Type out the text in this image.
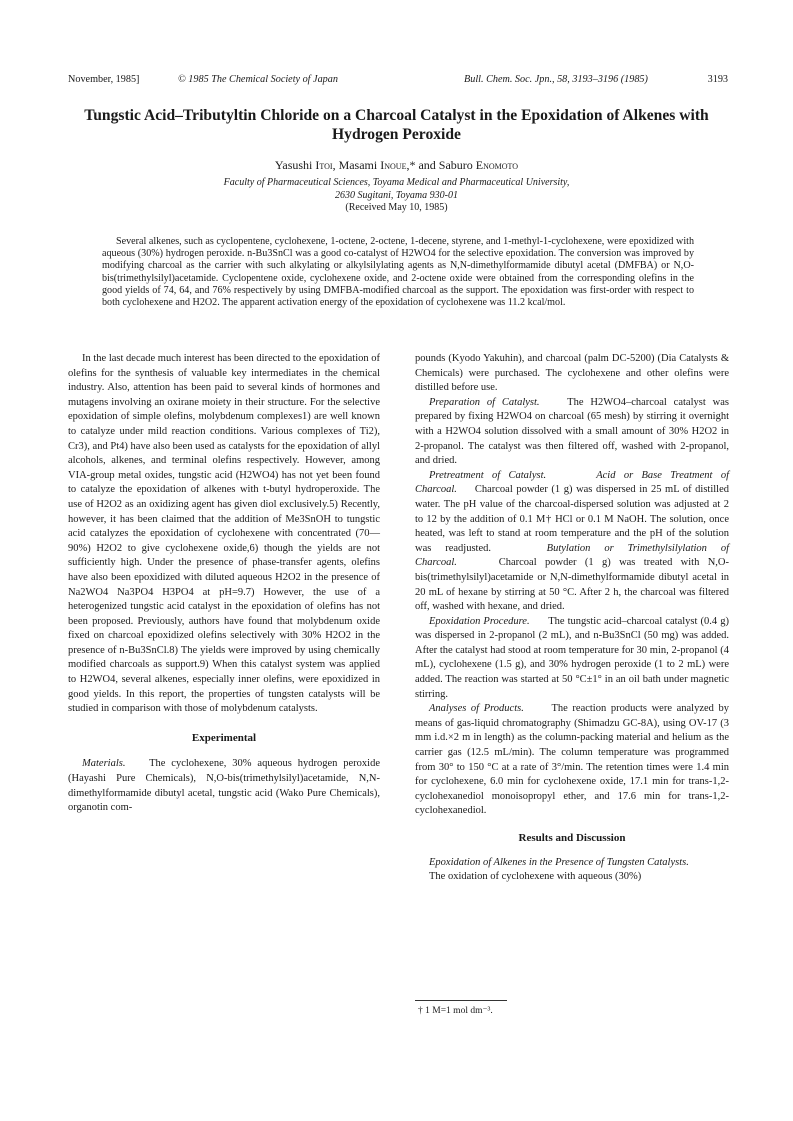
November, 1985]	© 1985 The Chemical Society of Japan	Bull. Chem. Soc. Jpn., 58, 3193–3196 (1985)	3193
Tungstic Acid–Tributyltin Chloride on a Charcoal Catalyst in the Epoxidation of Alkenes with Hydrogen Peroxide
Yasushi Itoi, Masami Inoue,* and Saburo Enomoto
Faculty of Pharmaceutical Sciences, Toyama Medical and Pharmaceutical University,
2630 Sugitani, Toyama 930-01
(Received May 10, 1985)
Several alkenes, such as cyclopentene, cyclohexene, 1-octene, 2-octene, 1-decene, styrene, and 1-methyl-1-cyclohexene, were epoxidized with aqueous (30%) hydrogen peroxide. n-Bu3SnCl was a good co-catalyst of H2WO4 for the selective epoxidation. The conversion was improved by modifying charcoal as the carrier with such alkylating or alkylsilylating agents as N,N-dimethylformamide dibutyl acetal (DMFBA) or N,O-bis(trimethylsilyl)acetamide. Cyclopentene oxide, cyclohexene oxide, and 2-octene oxide were obtained from the corresponding olefins in the good yields of 74, 64, and 76% respectively by using DMFBA-modified charcoal as the support. The epoxidation was first-order with respect to both cyclohexene and H2O2. The apparent activation energy of the epoxidation of cyclohexene was 11.2 kcal/mol.

In the last decade much interest has been directed to the epoxidation of olefins for the synthesis of valuable key intermediates in the chemical industry. Also, attention has been paid to several kinds of hormones and mutagens involving an oxirane moiety in their structure. For the selective epoxidation of simple olefins, molybdenum complexes1) are well known to catalyze under mild reaction conditions. Various complexes of Ti2), Cr3), and Pt4) have also been used as catalysts for the epoxidation of allyl alcohols, alkenes, and terminal olefins respectively. However, among VIA-group metal oxides, tungstic acid (H2WO4) has not yet been found to catalyze the epoxidation of alkenes with t-butyl hydroperoxide. The use of H2O2 as an oxidizing agent has given diol exclusively.5) Recently, however, it has been claimed that the addition of Me3SnOH to tungstic acid catalyzes the epoxidation of cyclohexene with concentrated (70—90%) H2O2 to give cyclohexene oxide,6) though the yields are not sufficiently high. Under the presence of phase-transfer agents, olefins have also been epoxidized with diluted aqueous H2O2 in the presence of Na2WO4 Na3PO4 H3PO4 at pH=9.7) However, the use of a heterogenized tungstic acid catalyst in the epoxidation of olefins has not been proposed. Previously, authors have found that molybdenum oxide fixed on charcoal epoxidized olefins selectively with 30% H2O2 in the presence of n-Bu3SnCl.8) The yields were improved by using chemically modified charcoals as support.9) When this catalyst system was applied to H2WO4, several alkenes, especially inner olefins, were epoxidized in good yields. In this report, the properties of tungsten catalysts will be studied in comparison with those of molybdenum catalysts.

Experimental

Materials. The cyclohexene, 30% aqueous hydrogen peroxide (Hayashi Pure Chemicals), N,O-bis(trimethylsilyl)acetamide, N,N-dimethylformamide dibutyl acetal, tungstic acid (Wako Pure Chemicals), organotin com-

pounds (Kyodo Yakuhin), and charcoal (palm DC-5200) (Dia Catalysts & Chemicals) were purchased. The cyclohexene and other olefins were distilled before use.

Preparation of Catalyst.	The H2WO4–charcoal catalyst was prepared by fixing H2WO4 on charcoal (65 mesh) by stirring it overnight with a H2WO4 solution dissolved with a small amount of 30% H2O2 in 2-propanol. The catalyst was then filtered off, washed with 2-propanol, and dried.

Pretreatment of Catalyst.	Acid or Base Treatment of Charcoal. Charcoal powder (1 g) was dispersed in 25 mL of distilled water. The pH value of the charcoal-dispersed solution was adjusted at 2 to 12 by the addition of 0.1 M† HCl or 0.1 M NaOH. The solution, once heated, was left to stand at room temperature and the pH of the solution was readjusted.	Butylation or Trimethylsilylation of Charcoal.	Charcoal powder (1 g) was treated with N,O-bis(trimethylsilyl)acetamide or N,N-dimethylformamide dibutyl acetal in 20 mL of hexane by stirring at 50 °C. After 2 h, the charcoal was filtered off, washed with hexane, and dried.

Epoxidation Procedure. The tungstic acid–charcoal catalyst (0.4 g) was dispersed in 2-propanol (2 mL), and n-Bu3SnCl (50 mg) was added. After the catalyst had stood at room temperature for 30 min, 2-propanol (4 mL), cyclohexene (1.5 g), and 30% hydrogen peroxide (1 to 2 mL) were added. The reaction was started at 50 °C±1° in an oil bath under magnetic stirring.

Analyses of Products.	The reaction products were analyzed by means of gas-liquid chromatography (Shimadzu GC-8A), using OV-17 (3 mm i.d.×2 m in length) as the column-packing material and helium as the carrier gas (12.5 mL/min). The column temperature was programmed from 30° to 150 °C at a rate of 3°/min. The retention times were 1.4 min for cyclohexene, 6.0 min for cyclohexene oxide, 17.1 min for trans-1,2-cyclohexanediol monoisopropyl ether, and 17.6 min for trans-1,2-cyclohexanediol.

Results and Discussion

Epoxidation of Alkenes in the Presence of Tungsten Catalysts.

The oxidation of cyclohexene with aqueous (30%)

† 1 M=1 mol dm⁻³.
